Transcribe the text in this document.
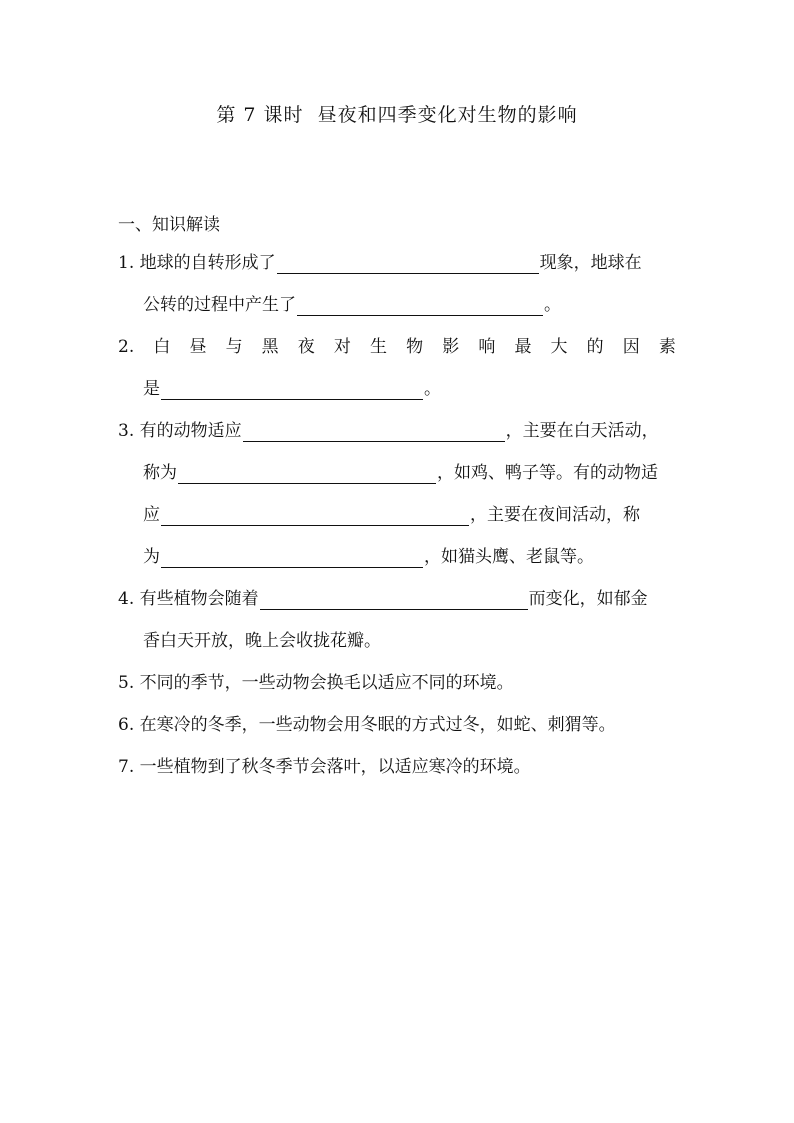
第 7 课时  昼夜和四季变化对生物的影响
一、知识解读
1. 地球的自转形成了	现象，地球在
公转的过程中产生了	。
2. 白 昼 与 黑 夜 对 生 物 影 响 最 大 的 因 素
是	。
3. 有的动物适应	，主要在白天活动，
称为	，如鸡、鸭子等。有的动物适
应	，主要在夜间活动，称
为	，如猫头鹰、老鼠等。
4. 有些植物会随着	而变化，如郁金
香白天开放，晚上会收拢花瓣。
5. 不同的季节，一些动物会换毛以适应不同的环境。
6. 在寒冷的冬季，一些动物会用冬眠的方式过冬，如蛇、刺猬等。
7. 一些植物到了秋冬季节会落叶，以适应寒冷的环境。
